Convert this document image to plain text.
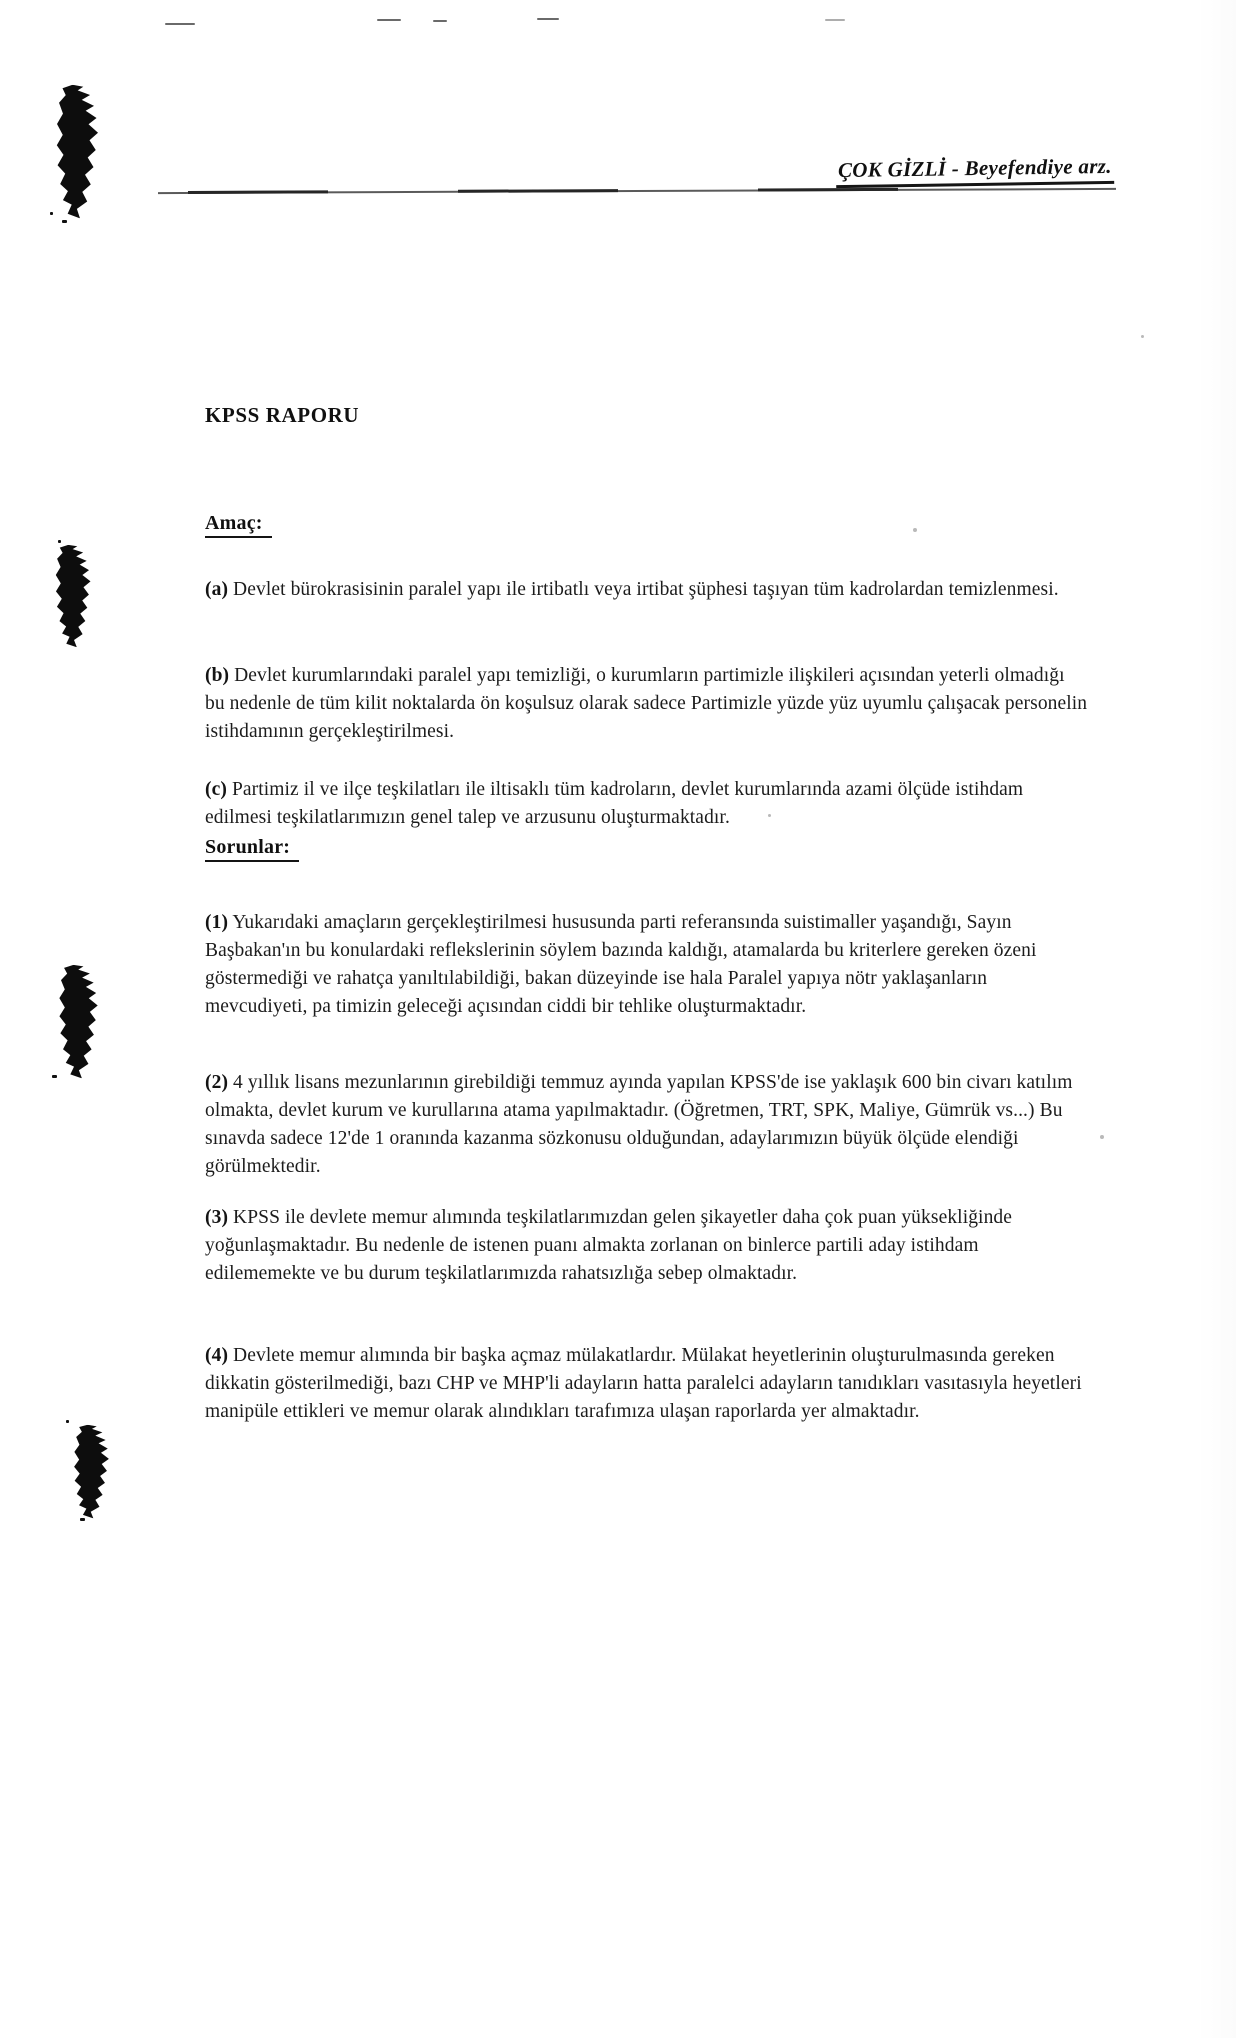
ÇOK GİZLİ - Beyefendiye arz.
KPSS RAPORU
Amaç:

(a) Devlet bürokrasisinin paralel yapı ile irtibatlı veya irtibat şüphesi taşıyan tüm kadrolardan temizlenmesi.

(b) Devlet kurumlarındaki paralel yapı temizliği, o kurumların partimizle ilişkileri açısından yeterli olmadığı bu nedenle de tüm kilit noktalarda ön koşulsuz olarak sadece Partimizle yüzde yüz uyumlu çalışacak personelin istihdamının gerçekleştirilmesi.

(c) Partimiz il ve ilçe teşkilatları ile iltisaklı tüm kadroların, devlet kurumlarında azami ölçüde istihdam edilmesi teşkilatlarımızın genel talep ve arzusunu oluşturmaktadır.

Sorunlar:

(1) Yukarıdaki amaçların gerçekleştirilmesi hususunda parti referansında suistimaller yaşandığı, Sayın Başbakan'ın bu konulardaki reflekslerinin söylem bazında kaldığı, atamalarda bu kriterlere gereken özeni göstermediği ve rahatça yanıltılabildiği, bakan düzeyinde ise hala Paralel yapıya nötr yaklaşanların mevcudiyeti, pa timizin geleceği açısından ciddi bir tehlike oluşturmaktadır.

(2) 4 yıllık lisans mezunlarının girebildiği temmuz ayında yapılan KPSS'de ise yaklaşık 600 bin civarı katılım olmakta, devlet kurum ve kurullarına atama yapılmaktadır. (Öğretmen, TRT, SPK, Maliye, Gümrük vs...) Bu sınavda sadece 12'de 1 oranında kazanma sözkonusu olduğundan, adaylarımızın büyük ölçüde elendiği görülmektedir.

(3) KPSS ile devlete memur alımında teşkilatlarımızdan gelen şikayetler daha çok puan yüksekliğinde yoğunlaşmaktadır. Bu nedenle de istenen puanı almakta zorlanan on binlerce partili aday istihdam edilememekte ve bu durum teşkilatlarımızda rahatsızlığa sebep olmaktadır.

(4) Devlete memur alımında bir başka açmaz mülakatlardır. Mülakat heyetlerinin oluşturulmasında gereken dikkatin gösterilmediği, bazı CHP ve MHP'li adayların hatta paralelci adayların tanıdıkları vasıtasıyla heyetleri manipüle ettikleri ve memur olarak alındıkları tarafımıza ulaşan raporlarda yer almaktadır.
